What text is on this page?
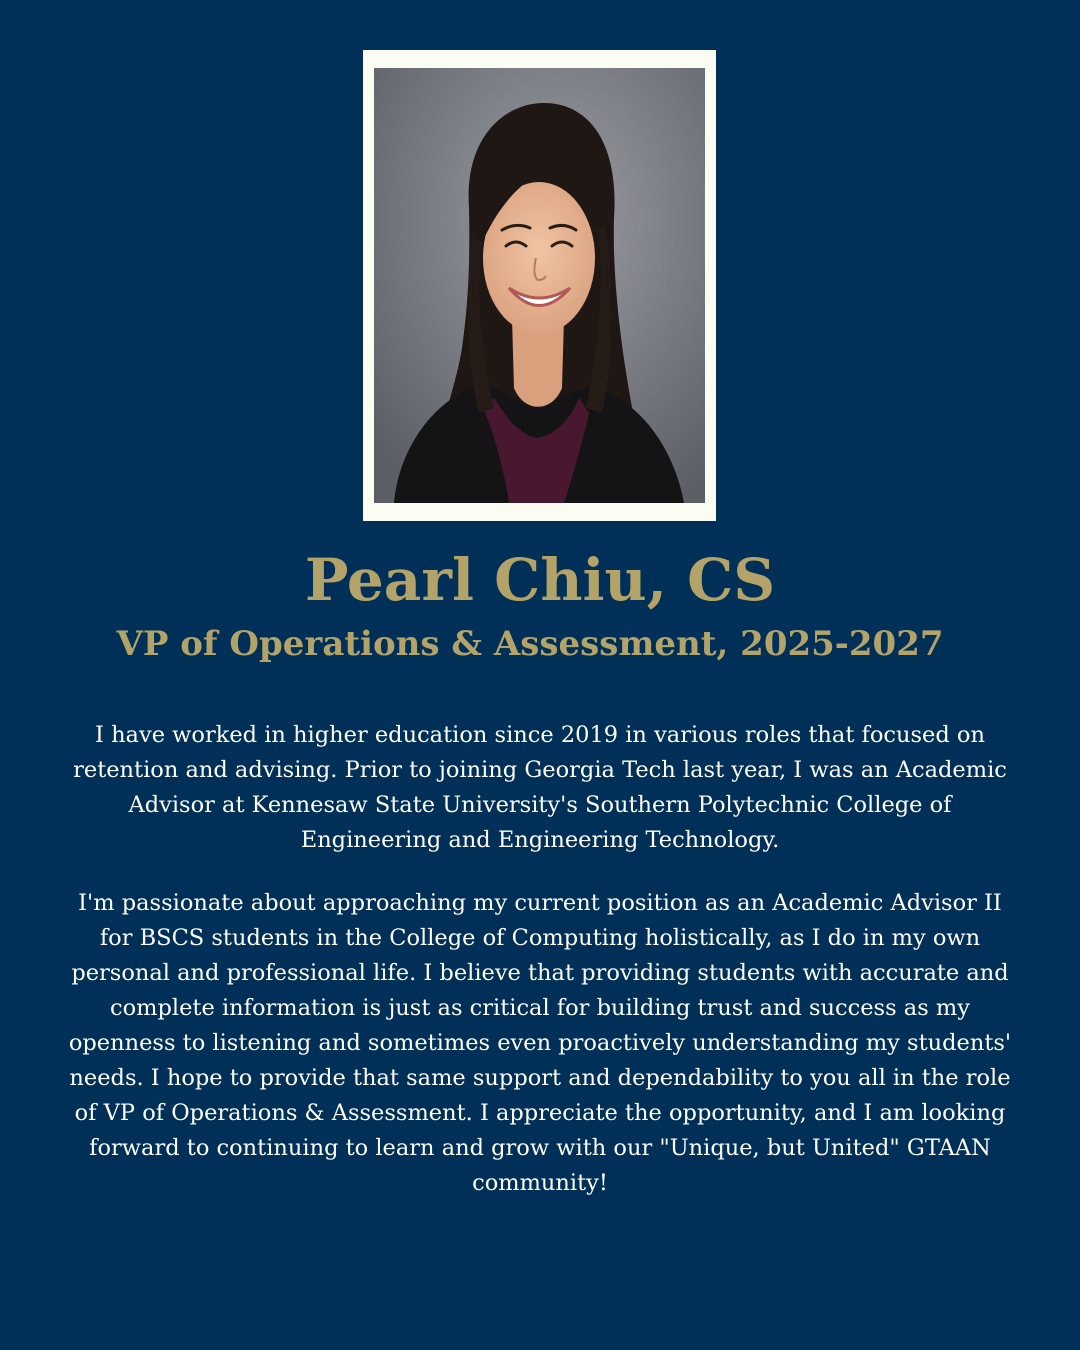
Pearl Chiu, CS
VP of Operations & Assessment, 2025-2027

I have worked in higher education since 2019 in various roles that focused on retention and advising. Prior to joining Georgia Tech last year, I was an Academic Advisor at Kennesaw State University's Southern Polytechnic College of Engineering and Engineering Technology.

I'm passionate about approaching my current position as an Academic Advisor II for BSCS students in the College of Computing holistically, as I do in my own personal and professional life. I believe that providing students with accurate and complete information is just as critical for building trust and success as my openness to listening and sometimes even proactively understanding my students' needs. I hope to provide that same support and dependability to you all in the role of VP of Operations & Assessment. I appreciate the opportunity, and I am looking forward to continuing to learn and grow with our "Unique, but United" GTAAN community!
